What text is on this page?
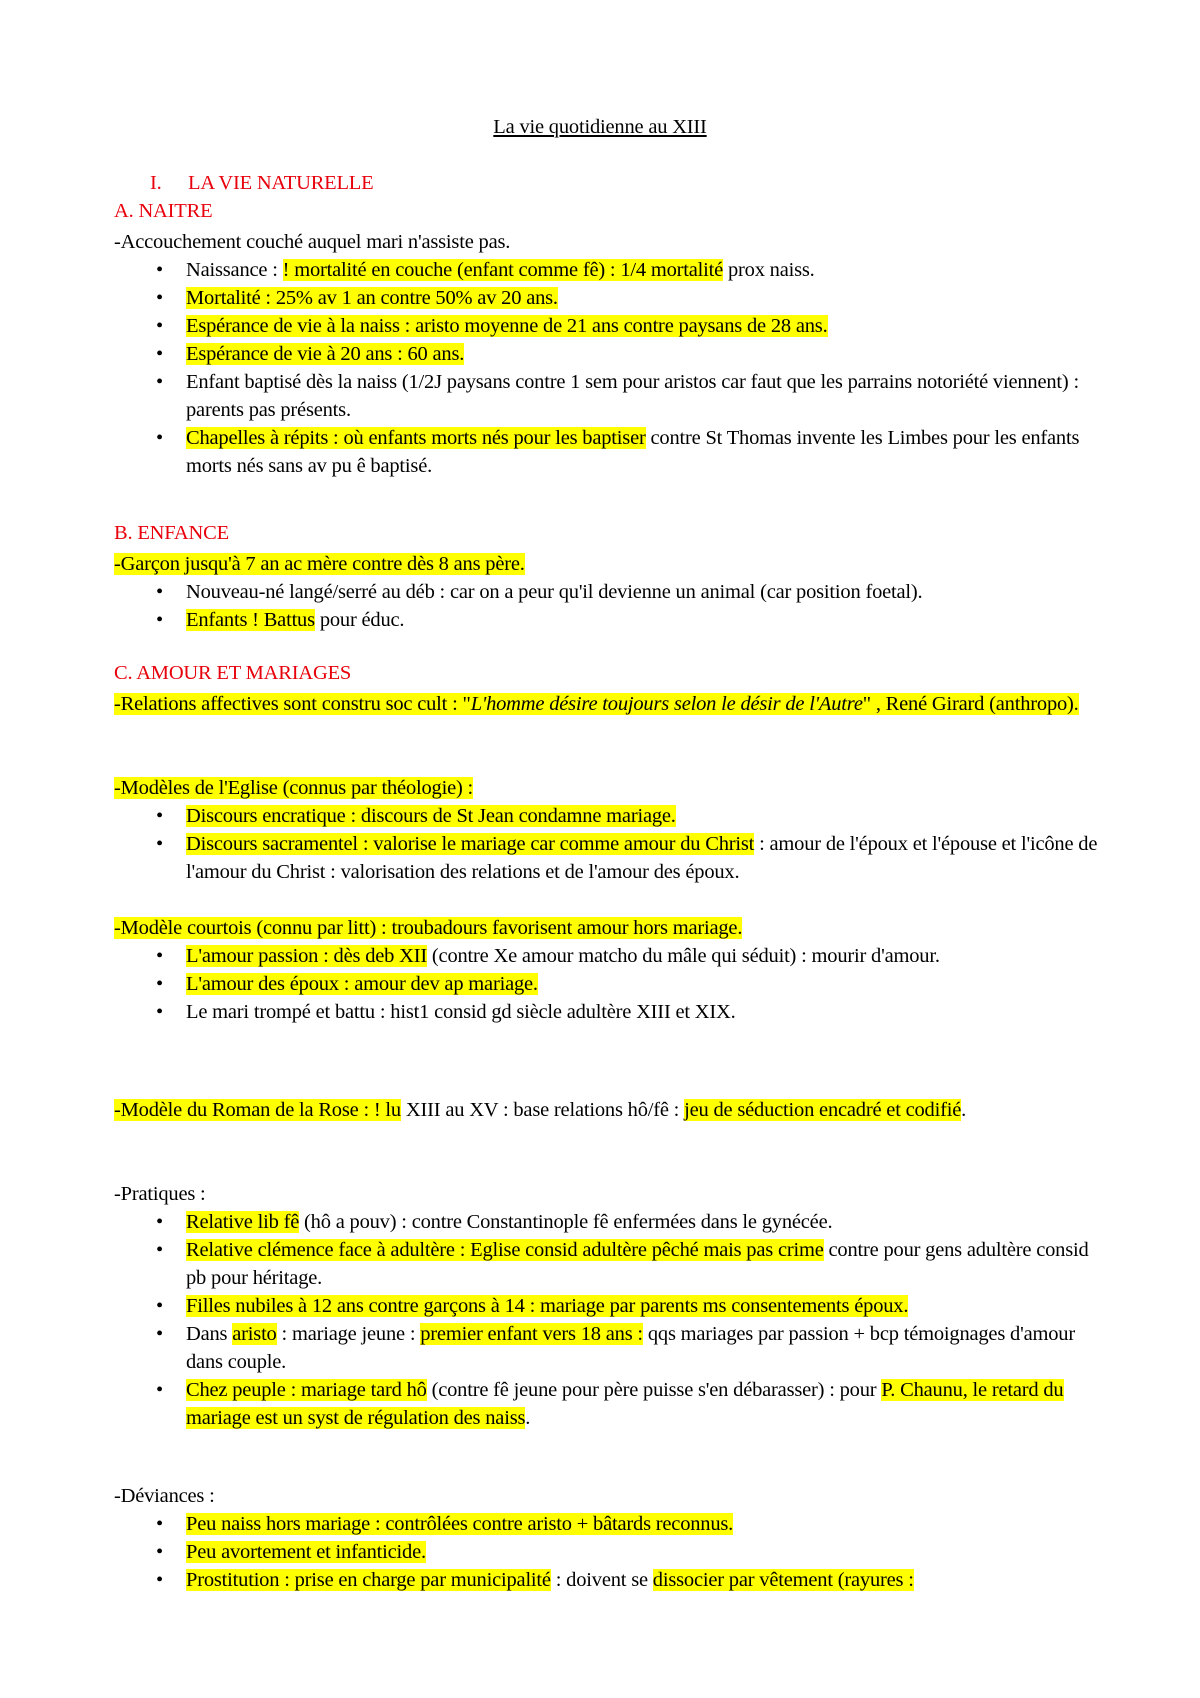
La vie quotidienne au XIII
I. LA VIE NATURELLE
A. NAITRE
-Accouchement couché auquel mari n'assiste pas.
• Naissance : ! mortalité en couche (enfant comme fê) : 1/4 mortalité prox naiss.
• Mortalité : 25% av 1 an contre 50% av 20 ans.
• Espérance de vie à la naiss : aristo moyenne de 21 ans contre paysans de 28 ans.
• Espérance de vie à 20 ans : 60 ans.
• Enfant baptisé dès la naiss (1/2J paysans contre 1 sem pour aristos car faut que les parrains notoriété viennent) : parents pas présents.
• Chapelles à répits : où enfants morts nés pour les baptiser contre St Thomas invente les Limbes pour les enfants morts nés sans av pu ê baptisé.
B. ENFANCE
-Garçon jusqu'à 7 an ac mère contre dès 8 ans père.
• Nouveau-né langé/serré au déb : car on a peur qu'il devienne un animal (car position foetal).
• Enfants ! Battus pour éduc.
C. AMOUR ET MARIAGES
-Relations affectives sont constru soc cult : "L'homme désire toujours selon le désir de l'Autre" , René Girard (anthropo).
-Modèles de l'Eglise (connus par théologie) :
• Discours encratique : discours de St Jean condamne mariage.
• Discours sacramentel : valorise le mariage car comme amour du Christ : amour de l'époux et l'épouse et l'icône de l'amour du Christ : valorisation des relations et de l'amour des époux.
-Modèle courtois (connu par litt) : troubadours favorisent amour hors mariage.
• L'amour passion : dès deb XII (contre Xe amour matcho du mâle qui séduit) : mourir d'amour.
• L'amour des époux : amour dev ap mariage.
• Le mari trompé et battu : hist1 consid gd siècle adultère XIII et XIX.
-Modèle du Roman de la Rose : ! lu XIII au XV : base relations hô/fê : jeu de séduction encadré et codifié.
-Pratiques :
• Relative lib fê (hô a pouv) : contre Constantinople fê enfermées dans le gynécée.
• Relative clémence face à adultère : Eglise consid adultère pêché mais pas crime contre pour gens adultère consid pb pour héritage.
• Filles nubiles à 12 ans contre garçons à 14 : mariage par parents ms consentements époux.
• Dans aristo : mariage jeune : premier enfant vers 18 ans : qqs mariages par passion + bcp témoignages d'amour dans couple.
• Chez peuple : mariage tard hô (contre fê jeune pour père puisse s'en débarasser) : pour P. Chaunu, le retard du mariage est un syst de régulation des naiss.
-Déviances :
• Peu naiss hors mariage : contrôlées contre aristo + bâtards reconnus.
• Peu avortement et infanticide.
• Prostitution : prise en charge par municipalité : doivent se dissocier par vêtement (rayures :
